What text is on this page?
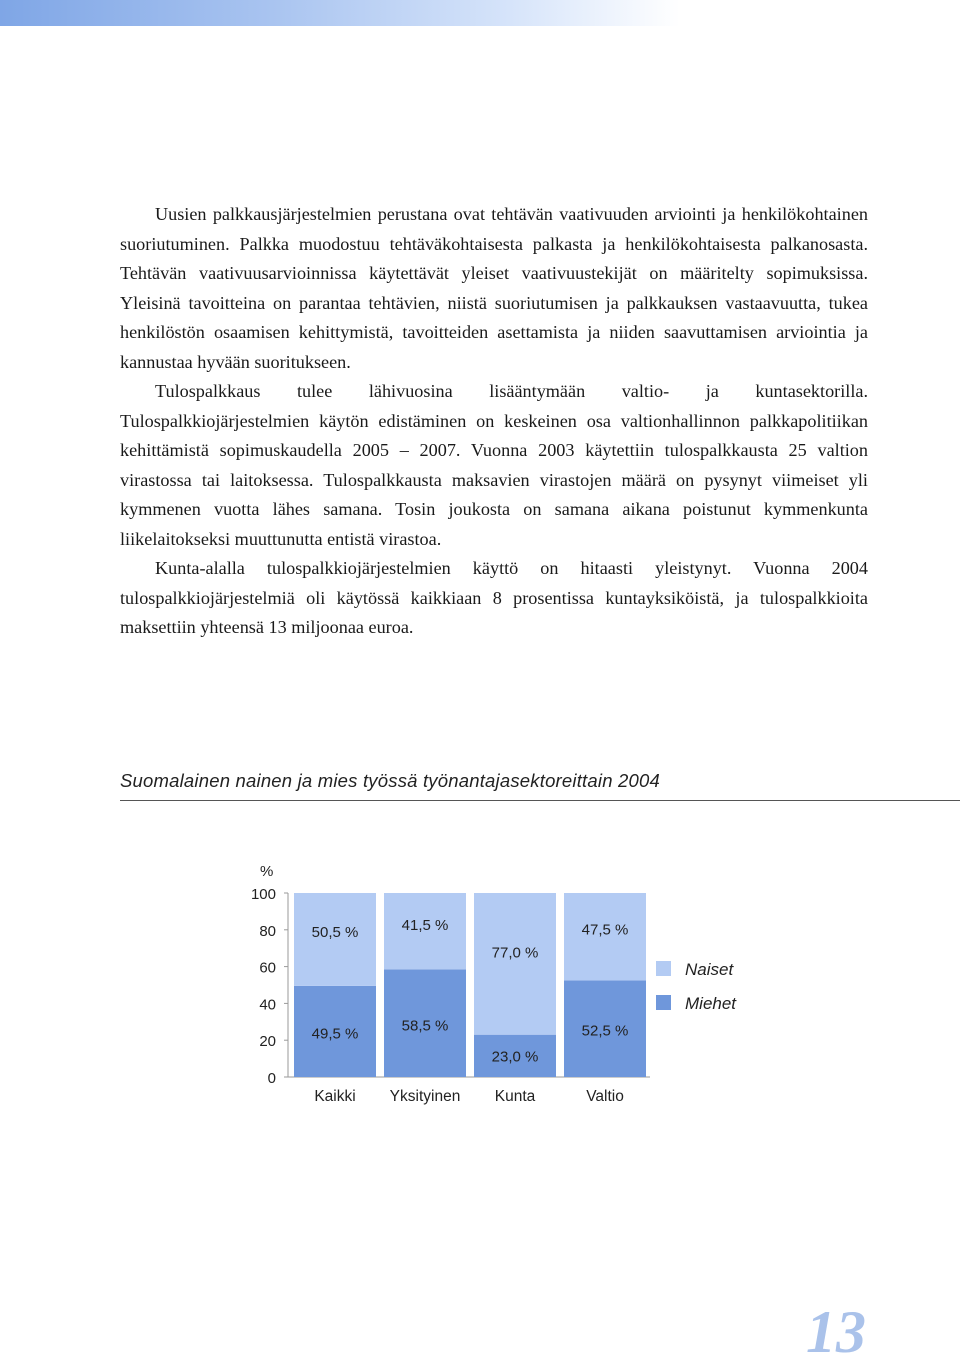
Uusien palkkausjärjestelmien perustana ovat tehtävän vaativuuden arviointi ja henkilökohtainen suoriutuminen. Palkka muodostuu tehtäväkohtaisesta palkasta ja henkilökohtaisesta palkanosasta. Tehtävän vaativuusarvioinnissa käytettävät yleiset vaativuustekijät on määritelty sopimuksissa. Yleisinä tavoitteina on parantaa tehtävien, niistä suoriutumisen ja palkkauksen vastaavuutta, tukea henkilöstön osaamisen kehittymistä, tavoitteiden asettamista ja niiden saavuttamisen arviointia ja kannustaa hyvään suoritukseen.

Tulospalkkaus tulee lähivuosina lisääntymään valtio- ja kuntasektorilla. Tulospalkkiojärjestelmien käytön edistäminen on keskeinen osa valtionhallinnon palkkapolitiikan kehittämistä sopimuskaudella 2005 – 2007. Vuonna 2003 käytettiin tulospalkkausta 25 valtion virastossa tai laitoksessa. Tulospalkkausta maksavien virastojen määrä on pysynyt viimeiset yli kymmenen vuotta lähes samana. Tosin joukosta on samana aikana poistunut kymmenkunta liikelaitokseksi muuttunutta entistä virastoa.

Kunta-alalla tulospalkkiojärjestelmien käyttö on hitaasti yleistynyt. Vuonna 2004 tulospalkkiojärjestelmiä oli käytössä kaikkiaan 8 prosentissa kuntayksiköistä, ja tulospalkkioita maksettiin yhteensä 13 miljoonaa euroa.

Suomalainen nainen ja mies työssä työnantajasektoreittain 2004
0
20
40
60
80
100
%
49,5 %
50,5 %
Kaikki
58,5 %
41,5 %
Yksityinen
23,0 %
77,0 %
Kunta
52,5 %
47,5 %
Valtio
Naiset
Miehet
13
